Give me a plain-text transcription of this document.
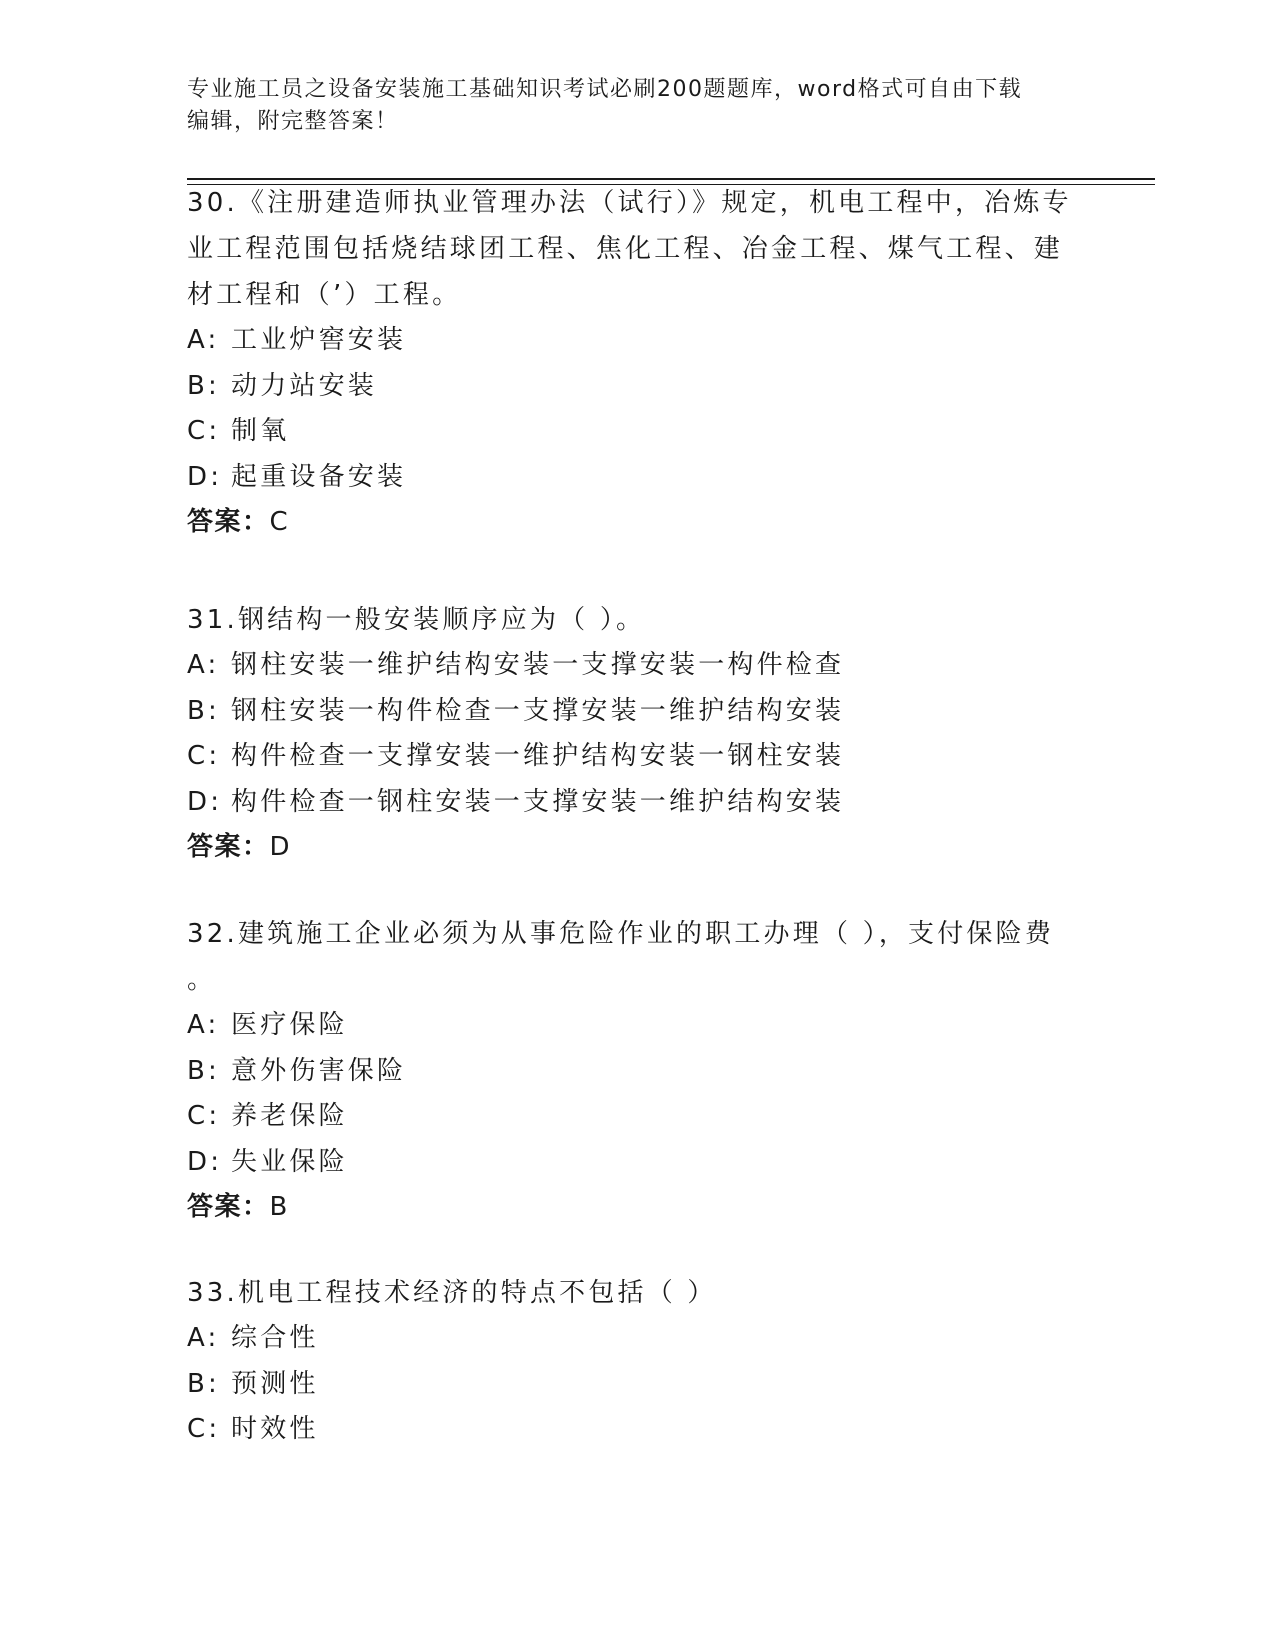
专业施工员之设备安装施工基础知识考试必刷200题题库，word格式可自由下载
编辑，附完整答案！

30.《注册建造师执业管理办法（试行）》规定，机电工程中，冶炼专

业工程范围包括烧结球团工程、焦化工程、冶金工程、煤气工程、建

材工程和（’）工程。

A: 工业炉窖安装

B: 动力站安装

C: 制氧

D: 起重设备安装

答案：C

31.钢结构一般安装顺序应为（ ）。

A: 钢柱安装一维护结构安装一支撑安装一构件检查

B: 钢柱安装一构件检查一支撑安装一维护结构安装

C: 构件检查一支撑安装一维护结构安装一钢柱安装

D: 构件检查一钢柱安装一支撑安装一维护结构安装

答案：D

32.建筑施工企业必须为从事危险作业的职工办理（ ），支付保险费

。

A: 医疗保险

B: 意外伤害保险

C: 养老保险

D: 失业保险

答案：B

33.机电工程技术经济的特点不包括（ ）

A: 综合性

B: 预测性

C: 时效性
